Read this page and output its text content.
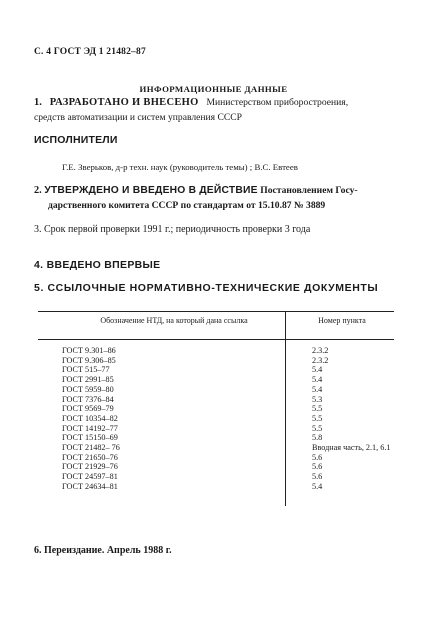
С. 4 ГОСТ ЭД 1 21482–87
ИНФОРМАЦИОННЫЕ ДАННЫЕ
1. РАЗРАБОТАНО И ВНЕСЕНО Министерством приборостроения,
средств автоматизации и систем управления СССР
ИСПОЛНИТЕЛИ
Г.Е. Зверьков, д-р техн. наук (руководитель темы) ; В.С. Евтеев
2. УТВЕРЖДЕНО И ВВЕДЕНО В ДЕЙСТВИЕ Постановлением Госу-
дарственного комитета СССР по стандартам от 15.10.87 № 3889
3. Срок первой проверки 1991 г.; периодичность проверки 3 года
4. ВВЕДЕНО ВПЕРВЫЕ
5. ССЫЛОЧНЫЕ НОРМАТИВНО-ТЕХНИЧЕСКИЕ ДОКУМЕНТЫ
Обозначение НТД, на который дана ссылка	Номер пункта
ГОСТ 9.301–86
ГОСТ 9.306–85
ГОСТ 515–77
ГОСТ 2991–85
ГОСТ 5959–80
ГОСТ 7376–84
ГОСТ 9569–79
ГОСТ 10354–82
ГОСТ 14192–77
ГОСТ 15150–69
ГОСТ 21482– 76
ГОСТ 21650–76
ГОСТ 21929–76
ГОСТ 24597–81
ГОСТ 24634–81
2.3.2
2.3.2
5.4
5.4
5.4
5.3
5.5
5.5
5.5
5.8
Вводная часть, 2.1, 6.1
5.6
5.6
5.6
5.4
6. Переиздание. Апрель 1988 г.
